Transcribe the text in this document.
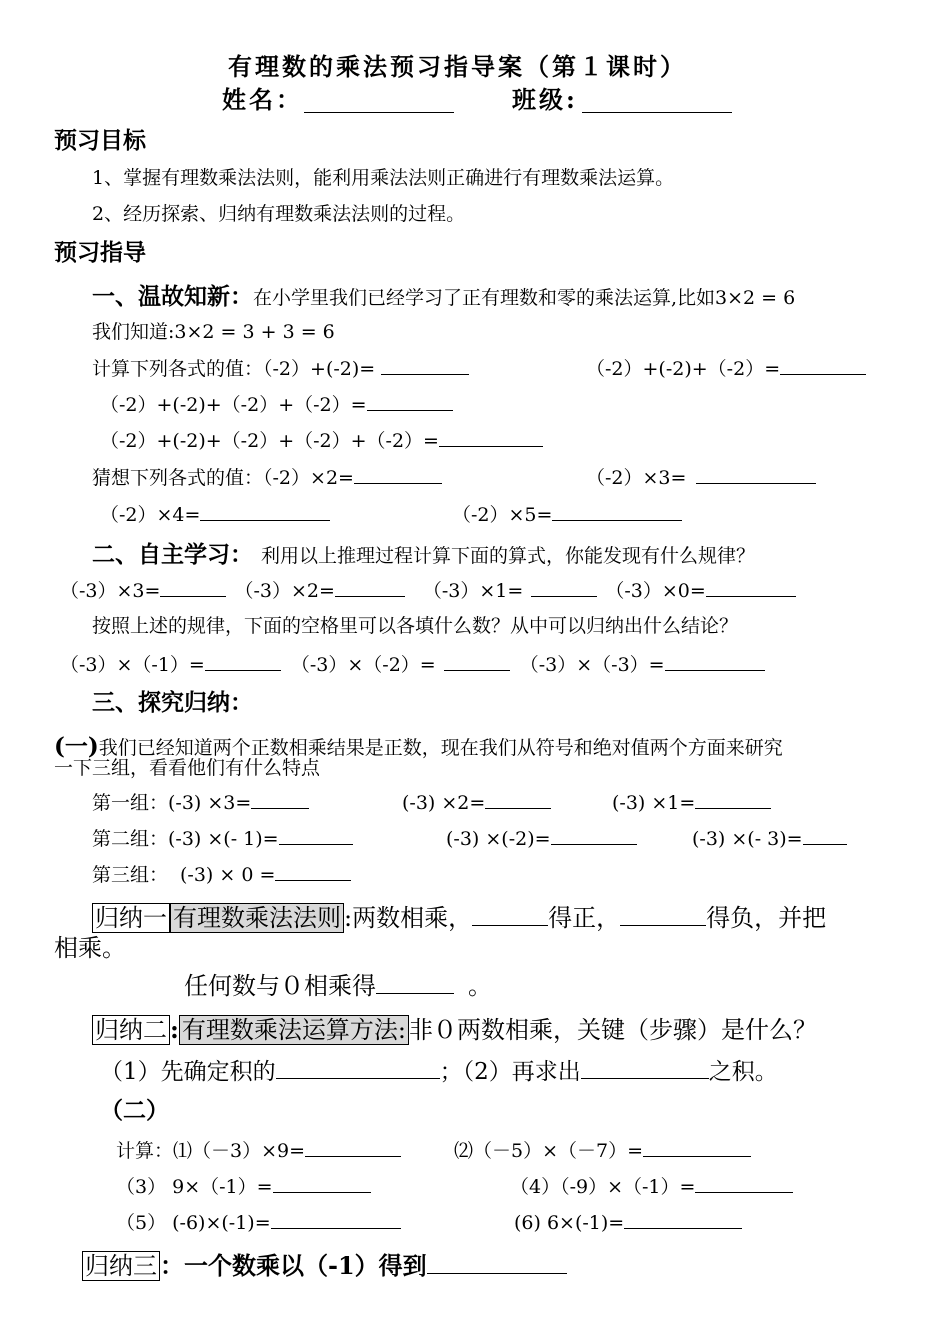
有理数的乘法预习指导案（第１课时）
姓名：	班级:
预习目标
1、掌握有理数乘法法则，能利用乘法法则正确进行有理数乘法运算。
2、经历探索、归纳有理数乘法法则的过程。
预习指导
一、温故知新：在小学里我们已经学习了正有理数和零的乘法运算,比如3×2 = 6
我们知道:3×2 = 3 + 3 = 6
计算下列各式的值：（-2）+(-2)=	（-2）+(-2)+（-2）=
（-2）+(-2)+（-2）+（-2）=
（-2）+(-2)+（-2）+（-2）+（-2）=
猜想下列各式的值：（-2）×2=	（-2）×3=
（-2）×4=	（-2）×5=
二、自主学习： 利用以上推理过程计算下面的算式，你能发现有什么规律？
（-3）×3=	（-3）×2=	（-3）×1=	（-3）×0=
按照上述的规律，下面的空格里可以各填什么数？从中可以归纳出什么结论？
（-3）×（-1）=	（-3）×（-2）=	（-3）×（-3）=
三、探究归纳：
(一)我们已经知道两个正数相乘结果是正数，现在我们从符号和绝对值两个方面来研究
一下三组，看看他们有什么特点
第一组：(-3) ×3=	(-3) ×2=	(-3) ×1=
第二组：(-3) ×(- 1)=	(-3) ×(-2)=	(-3) ×(- 3)=
第三组： (-3) × 0 =
归纳一 有理数乘法法则 :两数相乘，	得正，	得负，并把
相乘。
任何数与０相乘得	。
归纳二 : 有理数乘法运算方法: 非０两数相乘，关键（步骤）是什么？
（1）先确定积的	；（2）再求出	之积。
（二）
计算：⑴（－3）×9=	⑵（－5）×（－7）=
（3） 9×（-1）=	（4）（-9）×（-1）=
（5） (-6)×(-1)=	(6) 6×(-1)=
归纳三 ：一个数乘以（-1）得到
